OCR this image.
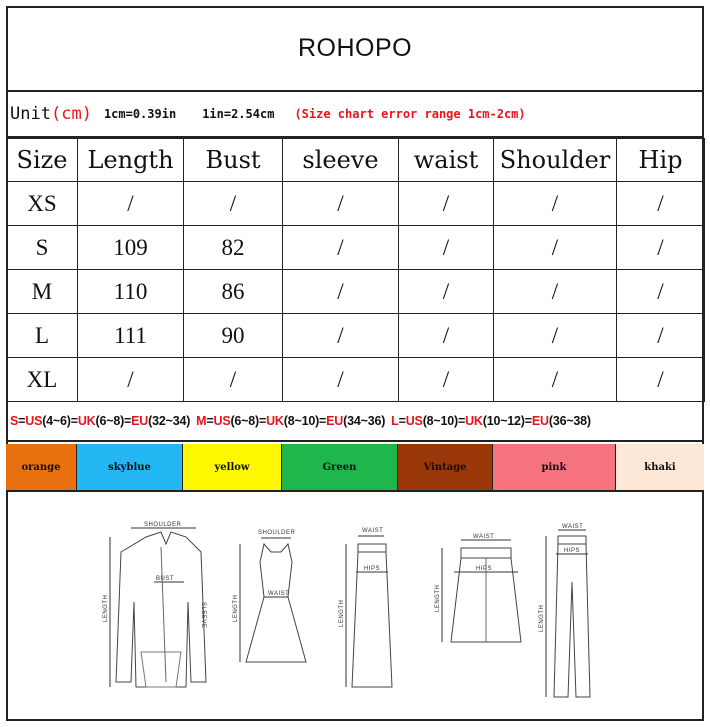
ROHOPO
Unit ( cm ) 1cm=0.39in 1in=2.54cm (Size chart error range 1cm-2cm)
Size	Length	Bust	sleeve	waist	Shoulder	Hip
XS	/	/	/	/	/	/
S	109	82	/	/	/	/
M	110	86	/	/	/	/
L	111	90	/	/	/	/
XL	/	/	/	/	/	/
S = US (4~6) = UK (6~8) = EU (32~34) M = US (6~8) = UK (8~10) = EU (34~36) L = US (8~10) = UK (10~12) = EU (36~38)
orange	skyblue	yellow	Green	Vintage	pink	khaki
SHOULDER
BUST
LENGTH	SLEEVE
SHOULDER
WAIST
LENGTH
WAIST
HIPS
LENGTH
WAIST
HIPS
LENGTH
WAIST
HIPS
LENGTH
